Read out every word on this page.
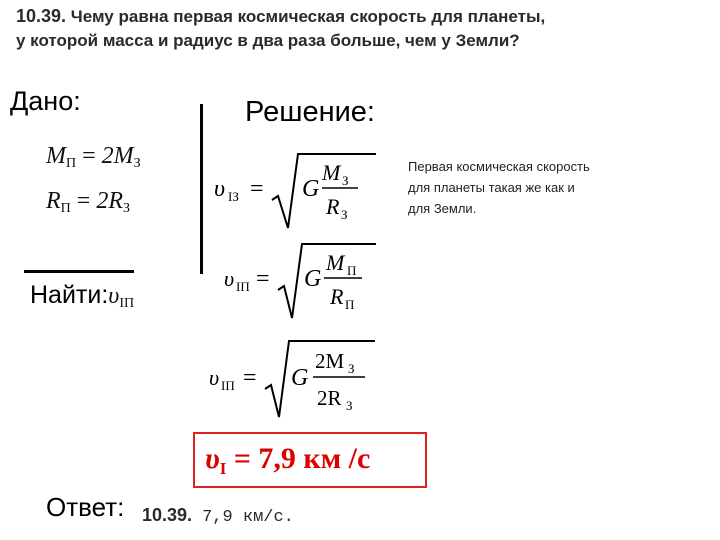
10.39. Чему равна первая космическая скорость для планеты,
у которой масса и радиус в два раза больше, чем у Земли?
Дано:
$M_П = 2M_З$
$R_П = 2R_З$
Найти:υIП
Решение:
Первая космическая скорость
для планеты такая же как и
для Земли.
υ IЗ = G
M З
R З
υ IП = G
M П
R П
υ IП = G
2M З
2R З
$\upsilon_I = 7,9$ км /с
Ответ: 10.39. 7,9 км/с.
